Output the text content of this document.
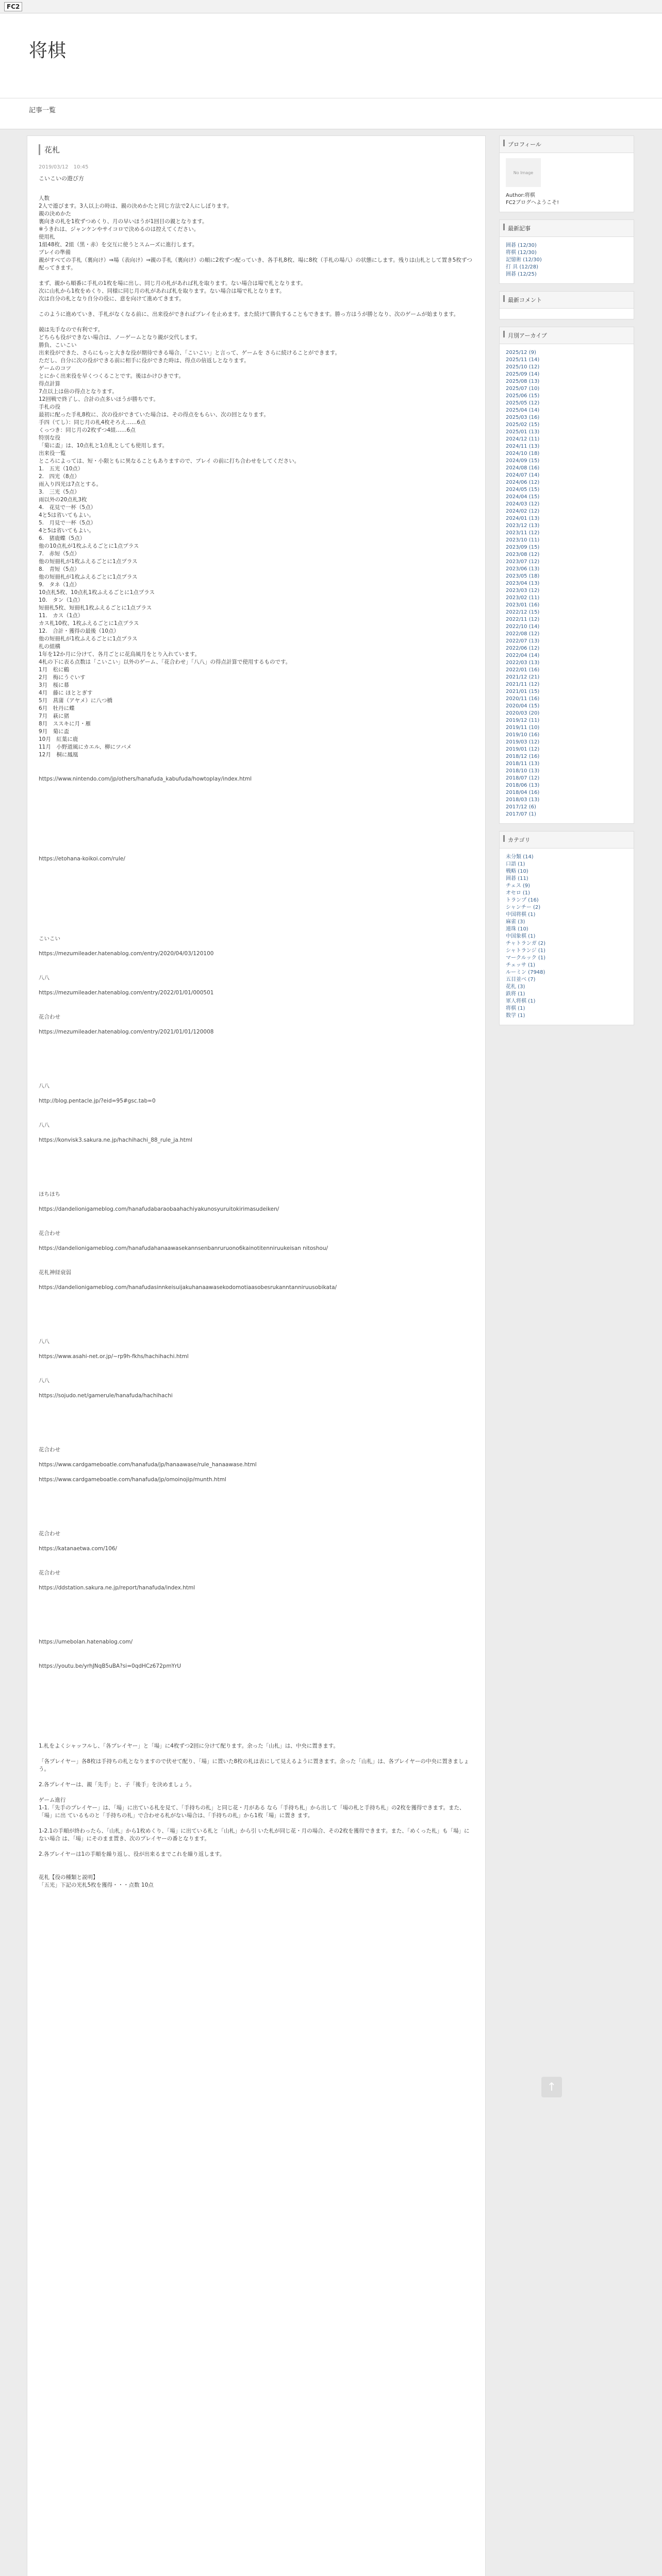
FC2
将棋
記事一覧
花札
2019/03/12　10:45
こいこいの遊び方

人数

2人で遊びます。3人以上の時は、親の決めかたと同じ方法で2人にしぼります。

親の決めかた

裏向きの札を1枚ずつめくり、月の早いほうが1回目の親となります。

※うきれは、ジャンケンやサイコロで決めるのは控えてください。

使用札

1組48枚、2組（黒・赤）を交互に使うとスムーズに進行します。

プレイの準備

親がすべての手札（裏向け）⇒場（表向け）⇒親の手札（裏向け）の順に2枚ずつ配っていき、各手札8枚、場に8枚（手札の場八）の状態にします。残りは山札として置き5枚ずつ配ってきます。

まず、親から順番に手札の1枚を場に出し、同じ月の札があれば札を取ります。ない場合は場で札となります。

次に山札から1枚をめくり、同様に同じ月の札があれば札を取ります。ない場合は場で札となります。

次は自分の札となり自分の役に、意を向けて進めてきます。

このように進めていき、手札がなくなる前に、出来役ができればプレイを止めます。また続けて勝負することもできます。勝っ方はうが勝となり、次のゲームが始まります。

競は先手なので有利です。

どちらも役ができない場合は、ノーゲームとなり親が交代します。

勝負、こいこい

出来役ができた、さらにもっと大きな役が期待できる場合、「こいこい」と言って、ゲームを さらに続けることができます。

ただし、自分に次の役ができる前に相手に役ができた時は、得点の倍返しとなります。

ゲームのコツ

とにかく出来役を早くつくることです。後はかけひきです。

得点計算

7点以上は倍の得点となります。

12回戦で終了し、合計の点多いほうが勝ちです。

手札の役

最初に配った手札8枚に、次の役ができていた場合は、その得点をもらい、次の回となります。

手四（てし）：同じ月の札4枚そろえ……6点

くっつき：同じ月の2枚ずつ4組……6点

特別な役

「菊に盃」は、10点札と1点札としても使用します。

出来役一覧

ところによっては、短・小限ともに異なることもありますので、プレイ の前に打ち合わせをしてください。

1.　五光（10点）

2.　四光（8点）

雨入り四光は7点とする。

3.　三光（5点）

雨以外の20点札3枚

4.　花見で一杯（5点）

4と5は省いてもよい。

5.　月見で一杯（5点）

4と5は省いてもよい。

6.　猪鹿蝶（5点）

他の10点札が1枚ふえるごとに1点プラス

7.　赤短（5点）

他の短冊札が1枚ふえるごとに1点プラス

8.　青短（5点）

他の短冊札が1枚ふえるごとに1点プラス

9.　タネ（1点）

10点札5枚、10点札1枚ふえるごとに1点プラス

10.　タン（1点）

短冊札5枚、短冊札1枚ふえるごとに1点プラス

11.　カス（1点）

カス札10枚、1枚ふえるごとに1点プラス

12.　合計・獲得の最後（10点）

他の短冊札が1枚ふえるごとに1点プラス

札の組構

1年を12か月に分けて、各月ごとに花鳥風月をとり入れています。

4札の下に表る点数は「こいこい」以外のゲーム、「花合わせ」「八八」の得点計算で使用するものです。

1月　松に鶴

2月　梅にうぐいす

3月　桜に幕

4月　藤に ほととぎす

5月　菖蒲（アヤメ）に八つ橋

6月　牡丹に蝶

7月　萩に猪

8月　ススキに月・雁

9月　菊に盃

10月　紅葉に鹿

11月　小野道風にカエル、柳にツバメ

12月　桐に鳳凰

https://www.nintendo.com/jp/others/hanafuda_kabufuda/howtoplay/index.html
https://etohana-koikoi.com/rule/
こいこい
https://mezumileader.hatenablog.com/entry/2020/04/03/120100
八八
https://mezumileader.hatenablog.com/entry/2022/01/01/000501
花合わせ
https://mezumileader.hatenablog.com/entry/2021/01/01/120008
八八
http://blog.pentacle.jp/?eid=95#gsc.tab=0
八八
https://konvisk3.sakura.ne.jp/hachihachi_88_rule_ja.html
ほちほち
https://dandelionigameblog.com/hanafudabaraobaahachiyakunosyuruitokirimasudeiken/
花合わせ
https://dandelionigameblog.com/hanafudahanaawasekannsenbanruruono6kainotitenniruukeisan nitoshou/
花札神経衰弱
https://dandelionigameblog.com/hanafudasinnkeisuijakuhanaawasekodomotiaasobesrukanntanniruusobikata/
八八
https://www.asahi-net.or.jp/~rp9h-fkhs/hachihachi.html
八八
https://sojudo.net/gamerule/hanafuda/hachihachi
花合わせ
https://www.cardgameboatle.com/hanafuda/jp/hanaawase/rule_hanaawase.html
https://www.cardgameboatle.com/hanafuda/jp/omoinojip/munth.html
花合わせ
https://katanaetwa.com/106/
花合わせ
https://ddstation.sakura.ne.jp/report/hanafuda/index.html
https://umebolan.hatenablog.com/
https://youtu.be/yrhJNqB5uBA?si=0qdHCz672pmYrU

1.札をよくシャッフルし、「各プレイヤー」と「場」に4枚ずつ2回に分けて配ります。余った「山札」は、中央に置きます。

「各プレイヤー」各8枚は手持ちの札となりますので伏せて配り、「場」に置いた8枚の札は表にして見えるように置きます。余った「山札」は、各プレイヤーの中央に置きましょう。

2.各プレイヤーは、親「先手」と、子「後手」を決めましょう。

ゲーム進行

1-1.「先手のプレイヤー」は、「場」に出ている札を見て、「手持ちの札」と同じ花・月がある なら「手持ち札」から出して「場の札と手持ち札」の2枚を獲得できます。また、「場」に出 ているものと「手持ちの札」で合わせる札がない場合は、「手持ちの札」から1枚「場」に置き ます。

1-2.1の手順が終わったら、「山札」から1枚めくり、「場」に出ている札と「山札」から引 いた札が同じ花・月の場合、その2枚を獲得できます。また、「めくった札」も「場」にない場合 は、「場」にそのまま置き、次のプレイヤーの番となります。

2.各プレイヤーは1の手順を繰り返し、役が出来るまでこれを繰り返します。

花札【役の種類と説明】

「五光」下記の光札5枚を獲得・・・点数 10点

↑
プロフィール
No Image
Author:将棋
FC2ブログへようこそ!
最新記事
囲碁 (12/30)
将棋 (12/30)
記憶術 (12/30)
打 具 (12/28)
囲碁 (12/25)
最新コメント
月別アーカイブ
2025/12 (9)
2025/11 (14)
2025/10 (12)
2025/09 (14)
2025/08 (13)
2025/07 (10)
2025/06 (15)
2025/05 (12)
2025/04 (14)
2025/03 (16)
2025/02 (15)
2025/01 (13)
2024/12 (11)
2024/11 (13)
2024/10 (18)
2024/09 (15)
2024/08 (16)
2024/07 (14)
2024/06 (12)
2024/05 (15)
2024/04 (15)
2024/03 (12)
2024/02 (12)
2024/01 (13)
2023/12 (13)
2023/11 (12)
2023/10 (11)
2023/09 (15)
2023/08 (12)
2023/07 (12)
2023/06 (13)
2023/05 (18)
2023/04 (13)
2023/03 (12)
2023/02 (11)
2023/01 (16)
2022/12 (15)
2022/11 (12)
2022/10 (14)
2022/08 (12)
2022/07 (13)
2022/06 (12)
2022/04 (14)
2022/03 (13)
2022/01 (16)
2021/12 (21)
2021/11 (12)
2021/01 (15)
2020/11 (16)
2020/04 (15)
2020/03 (20)
2019/12 (11)
2019/11 (10)
2019/10 (16)
2019/03 (12)
2019/01 (12)
2018/12 (16)
2018/11 (13)
2018/10 (13)
2018/07 (12)
2018/06 (13)
2018/04 (16)
2018/03 (13)
2017/12 (6)
2017/07 (1)
カテゴリ
未分類 (14)
口語 (1)
戦略 (10)
囲碁 (11)
チェス (9)
オセロ (1)
トランプ (16)
シャンチー (2)
中国将棋 (1)
麻雀 (3)
連珠 (10)
中国象棋 (1)
チャトランガ (2)
シャトランジ (1)
マークルック (1)
チェッサ (1)
ルーミン (7948)
五目並べ (7)
花札 (3)
鉄将 (1)
軍人将棋 (1)
将棋 (1)
数学 (1)
